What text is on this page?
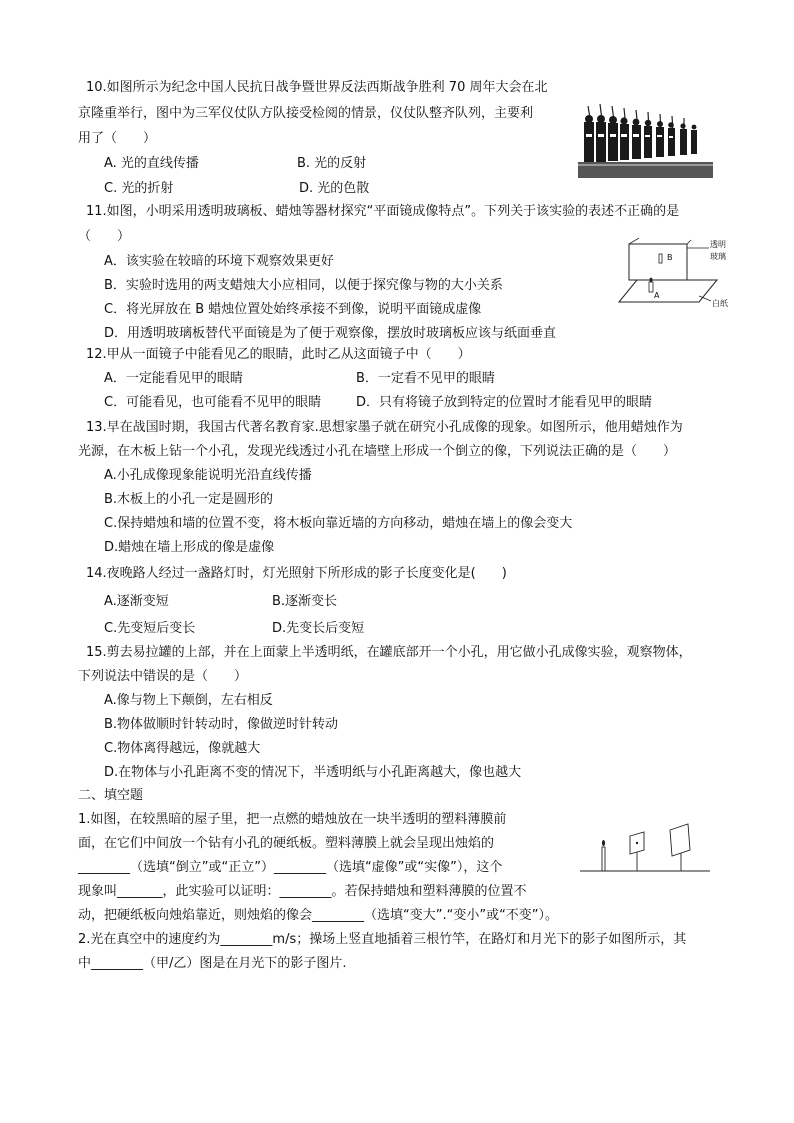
10.如图所示为纪念中国人民抗日战争暨世界反法西斯战争胜利 70 周年大会在北
京隆重举行，图中为三军仪仗队方队接受检阅的情景，仪仗队整齐队列，主要利
用了（　　）
A. 光的直线传播	B. 光的反射
C. 光的折射	D. 光的色散
11.如图，小明采用透明玻璃板、蜡烛等器材探究“平面镜成像特点”。下列关于该实验的表述不正确的是
（　　）
A．该实验在较暗的环境下观察效果更好
B．实验时选用的两支蜡烛大小应相同，以便于探究像与物的大小关系
C．将光屏放在 B 蜡烛位置处始终承接不到像，说明平面镜成虚像
D．用透明玻璃板替代平面镜是为了便于观察像，摆放时玻璃板应该与纸面垂直
B
A
透明
玻璃
白纸
12.甲从一面镜子中能看见乙的眼睛，此时乙从这面镜子中（　　）
A．一定能看见甲的眼睛	B．一定看不见甲的眼睛
C．可能看见，也可能看不见甲的眼睛	D．只有将镜子放到特定的位置时才能看见甲的眼睛
13.早在战国时期，我国古代著名教育家.思想家墨子就在研究小孔成像的现象。如图所示，他用蜡烛作为
光源，在木板上钻一个小孔，发现光线透过小孔在墙壁上形成一个倒立的像，下列说法正确的是（　　）
A.小孔成像现象能说明光沿直线传播
B.木板上的小孔一定是圆形的
C.保持蜡烛和墙的位置不变，将木板向靠近墙的方向移动，蜡烛在墙上的像会变大
D.蜡烛在墙上形成的像是虚像
14.夜晚路人经过一盏路灯时，灯光照射下所形成的影子长度变化是(　　)
A.逐渐变短	B.逐渐变长
C.先变短后变长	D.先变长后变短
15.剪去易拉罐的上部，并在上面蒙上半透明纸，在罐底部开一个小孔，用它做小孔成像实验，观察物体，
下列说法中错误的是（　　）
A.像与物上下颠倒，左右相反
B.物体做顺时针转动时，像做逆时针转动
C.物体离得越远，像就越大
D.在物体与小孔距离不变的情况下，半透明纸与小孔距离越大，像也越大
二、填空题
1.如图，在较黑暗的屋子里，把一点燃的蜡烛放在一块半透明的塑料薄膜前
面，在它们中间放一个钻有小孔的硬纸板。塑料薄膜上就会呈现出烛焰的
________（选填“倒立”或“正立”）________（选填“虚像”或“实像”），这个
现象叫_______，此实验可以证明：________。若保持蜡烛和塑料薄膜的位置不
动，把硬纸板向烛焰靠近，则烛焰的像会________（选填“变大”.“变小”或“不变”）。
2.光在真空中的速度约为________m/s；操场上竖直地插着三根竹竿，在路灯和月光下的影子如图所示，其
中________（甲/乙）图是在月光下的影子图片.
